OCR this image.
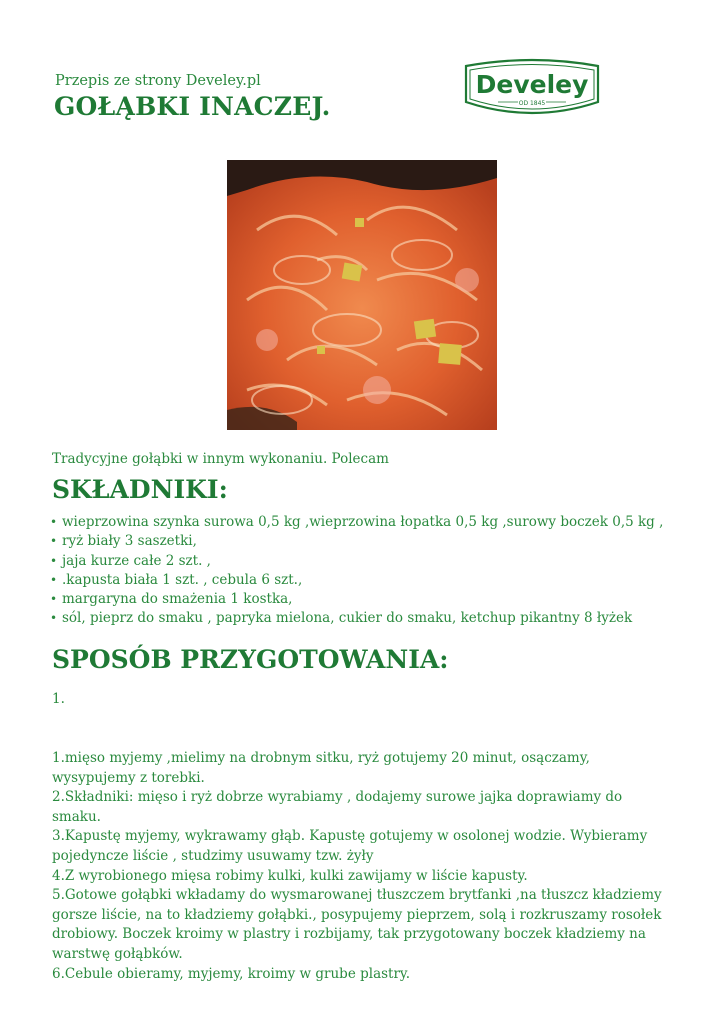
Przepis ze strony Develey.pl
GOŁĄBKI INACZEJ.
Develey
OD 1845
Tradycyjne gołąbki w innym wykonaniu. Polecam
SKŁADNIKI:
• wieprzowina szynka surowa 0,5 kg ,wieprzowina łopatka 0,5 kg ,surowy boczek 0,5 kg ,
• ryż biały 3 saszetki,
• jaja kurze całe 2 szt. ,
• .kapusta biała 1 szt. , cebula 6 szt.,
• margaryna do smażenia 1 kostka,
• sól, pieprz do smaku , papryka mielona, cukier do smaku, ketchup pikantny 8 łyżek
SPOSÓB PRZYGOTOWANIA:
1.

1.mięso myjemy ,mielimy na drobnym sitku, ryż gotujemy 20 minut, osączamy, wysypujemy z torebki.

2.Składniki: mięso i ryż dobrze wyrabiamy , dodajemy surowe jajka doprawiamy do smaku.

3.Kapustę myjemy, wykrawamy głąb. Kapustę gotujemy w osolonej wodzie. Wybieramy pojedyncze liście , studzimy usuwamy tzw. żyły

4.Z wyrobionego mięsa robimy kulki, kulki zawijamy w liście kapusty.

5.Gotowe gołąbki wkładamy do wysmarowanej tłuszczem brytfanki ,na tłuszcz kładziemy gorsze liście, na to kładziemy gołąbki., posypujemy pieprzem, solą i rozkruszamy rosołek drobiowy. Boczek kroimy w plastry i rozbijamy, tak przygotowany boczek kładziemy na warstwę gołąbków.

6.Cebule obieramy, myjemy, kroimy w grube plastry.
